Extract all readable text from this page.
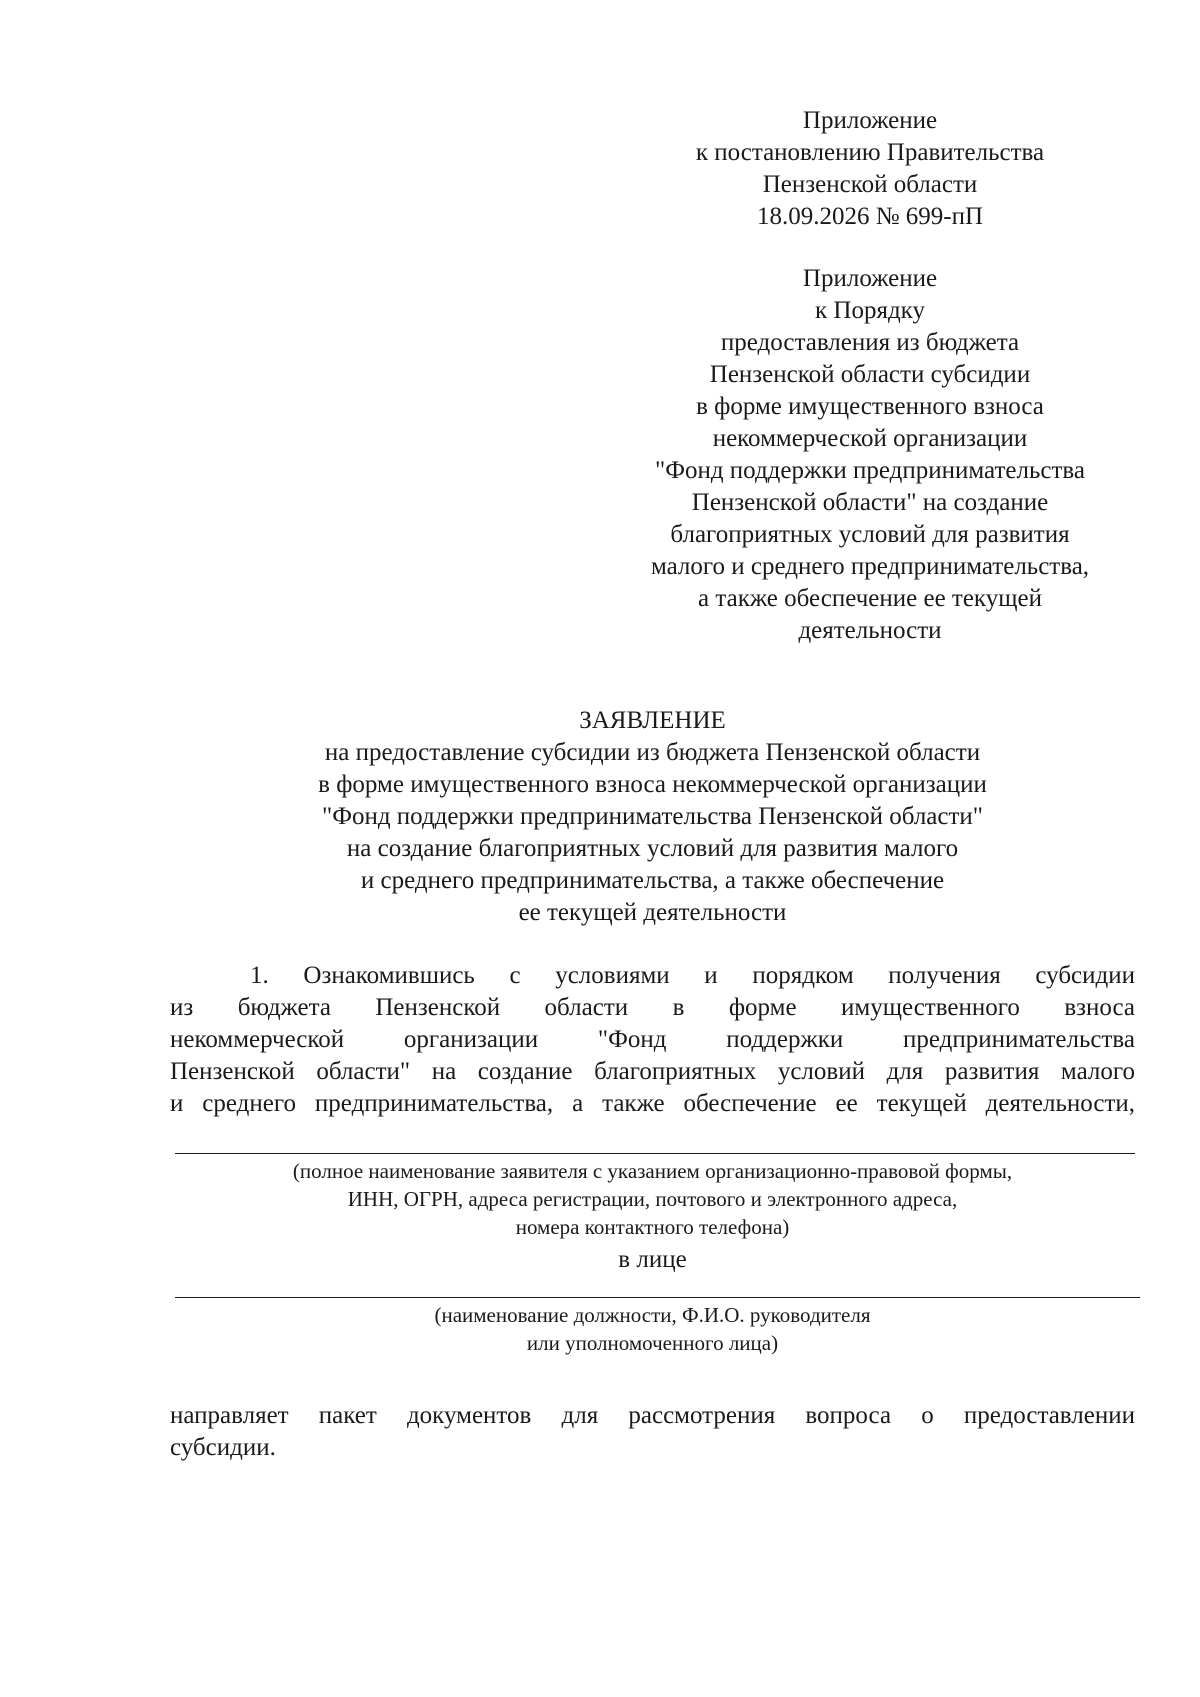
Приложение
к постановлению Правительства
Пензенской области
18.09.2026 № 699-пП
Приложение
к Порядку
предоставления из бюджета
Пензенской области субсидии
в форме имущественного взноса
некоммерческой организации
"Фонд поддержки предпринимательства
Пензенской области" на создание
благоприятных условий для развития
малого и среднего предпринимательства,
а также обеспечение ее текущей
деятельности
ЗАЯВЛЕНИЕ
на предоставление субсидии из бюджета Пензенской области
в форме имущественного взноса некоммерческой организации
"Фонд поддержки предпринимательства Пензенской области"
на создание благоприятных условий для развития малого
и среднего предпринимательства, а также обеспечение
ее текущей деятельности
1. Ознакомившись с условиями и порядком получения субсидии
из бюджета Пензенской области в форме имущественного взноса
некоммерческой организации "Фонд поддержки предпринимательства
Пензенской области" на создание благоприятных условий для развития малого
и среднего предпринимательства, а также обеспечение ее текущей деятельности,
(полное наименование заявителя с указанием организационно-правовой формы,
ИНН, ОГРН, адреса регистрации, почтового и электронного адреса,
номера контактного телефона)
в лице
(наименование должности, Ф.И.О. руководителя
или уполномоченного лица)
направляет пакет документов для рассмотрения вопроса о предоставлении
субсидии.
